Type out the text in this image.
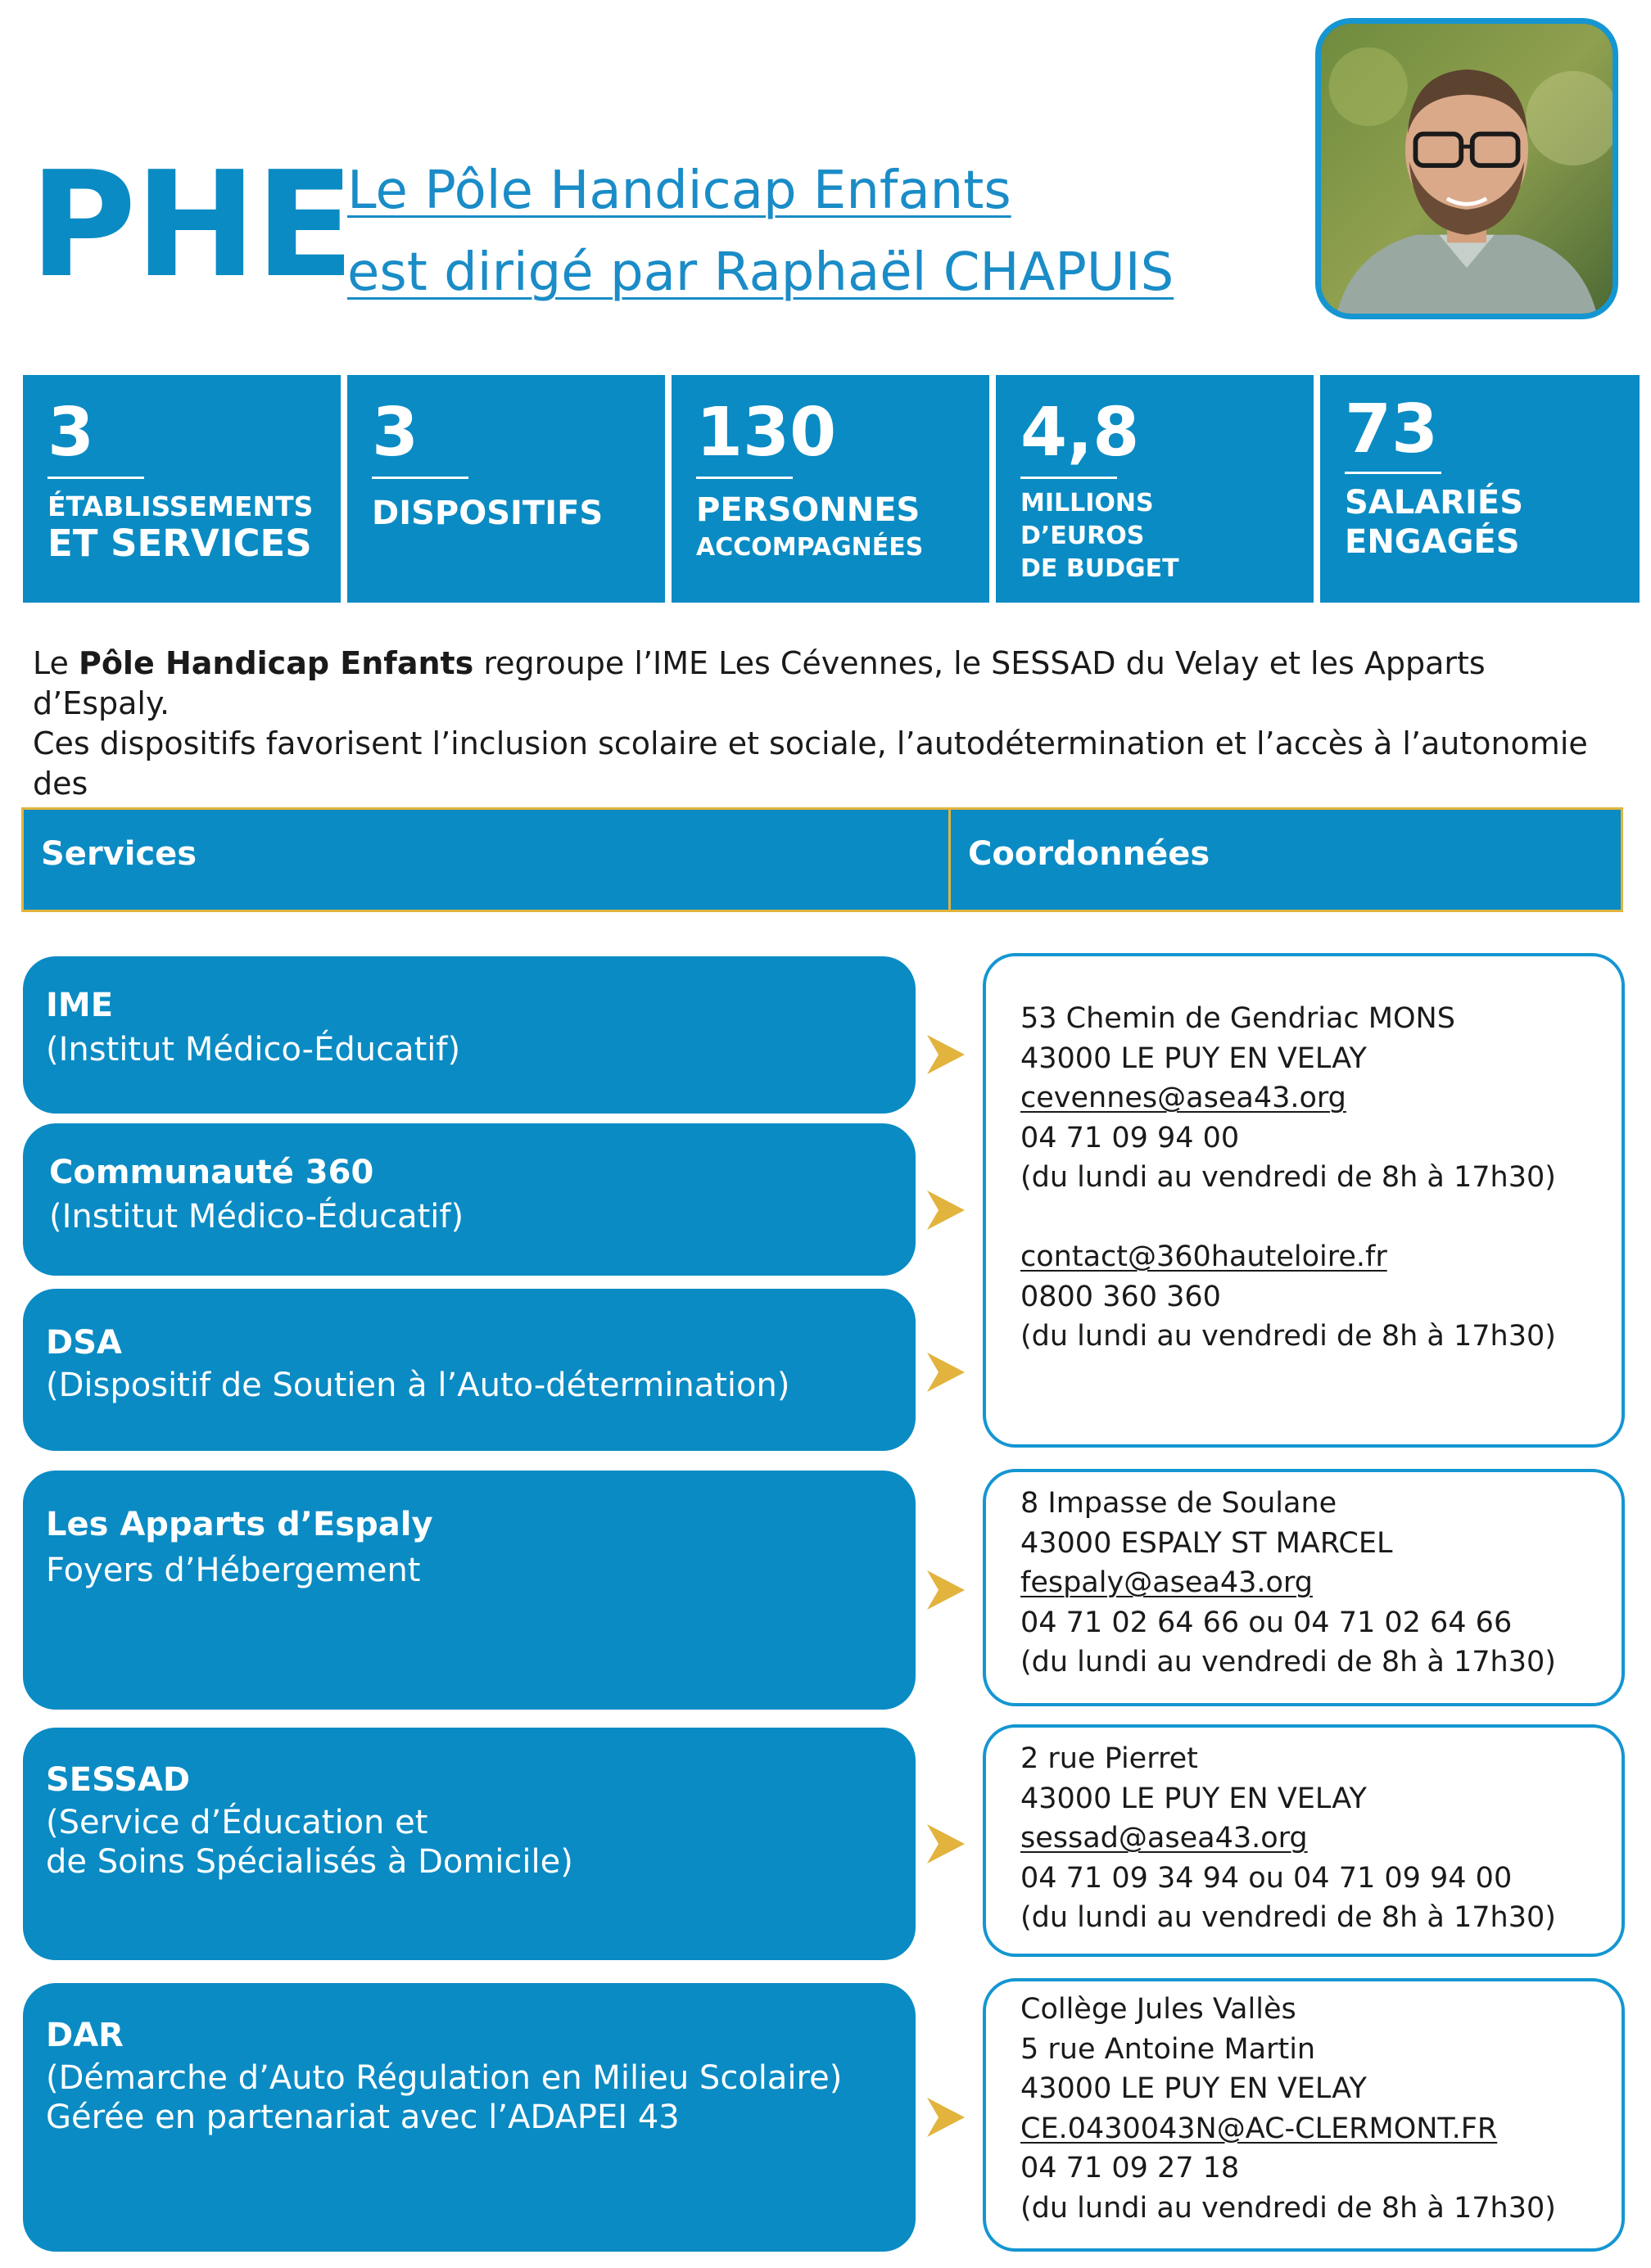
PHE
Le Pôle Handicap Enfants
est dirigé par Raphaël CHAPUIS
3
ÉTABLISSEMENTS
ET SERVICES
3
DISPOSITIFS
130
PERSONNES
ACCOMPAGNÉES
4,8
MILLIONS
D’EUROS
DE BUDGET
73
SALARIÉS
ENGAGÉS
Le Pôle Handicap Enfants regroupe l’IME Les Cévennes, le SESSAD du Velay et les Apparts d’Espaly.
Ces dispositifs favorisent l’inclusion scolaire et sociale, l’autodétermination et l’accès à l’autonomie des
Services	Coordonnées
IME
(Institut Médico-Éducatif)
Communauté 360
(Institut Médico-Éducatif)
DSA
(Dispositif de Soutien à l’Auto-détermination)
Les Apparts d’Espaly
Foyers d’Hébergement
SESSAD
(Service d’Éducation et
de Soins Spécialisés à Domicile)
DAR
(Démarche d’Auto Régulation en Milieu Scolaire)
Gérée en partenariat avec l’ADAPEI 43
53 Chemin de Gendriac MONS
43000 LE PUY EN VELAY
cevennes@asea43.org
04 71 09 94 00
(du lundi au vendredi de 8h à 17h30)
contact@360hauteloire.fr
0800 360 360
(du lundi au vendredi de 8h à 17h30)
8 Impasse de Soulane
43000 ESPALY ST MARCEL
fespaly@asea43.org
04 71 02 64 66 ou 04 71 02 64 66
(du lundi au vendredi de 8h à 17h30)
2 rue Pierret
43000 LE PUY EN VELAY
sessad@asea43.org
04 71 09 34 94 ou 04 71 09 94 00
(du lundi au vendredi de 8h à 17h30)
Collège Jules Vallès
5 rue Antoine Martin
43000 LE PUY EN VELAY
CE.0430043N@AC-CLERMONT.FR
04 71 09 27 18
(du lundi au vendredi de 8h à 17h30)
